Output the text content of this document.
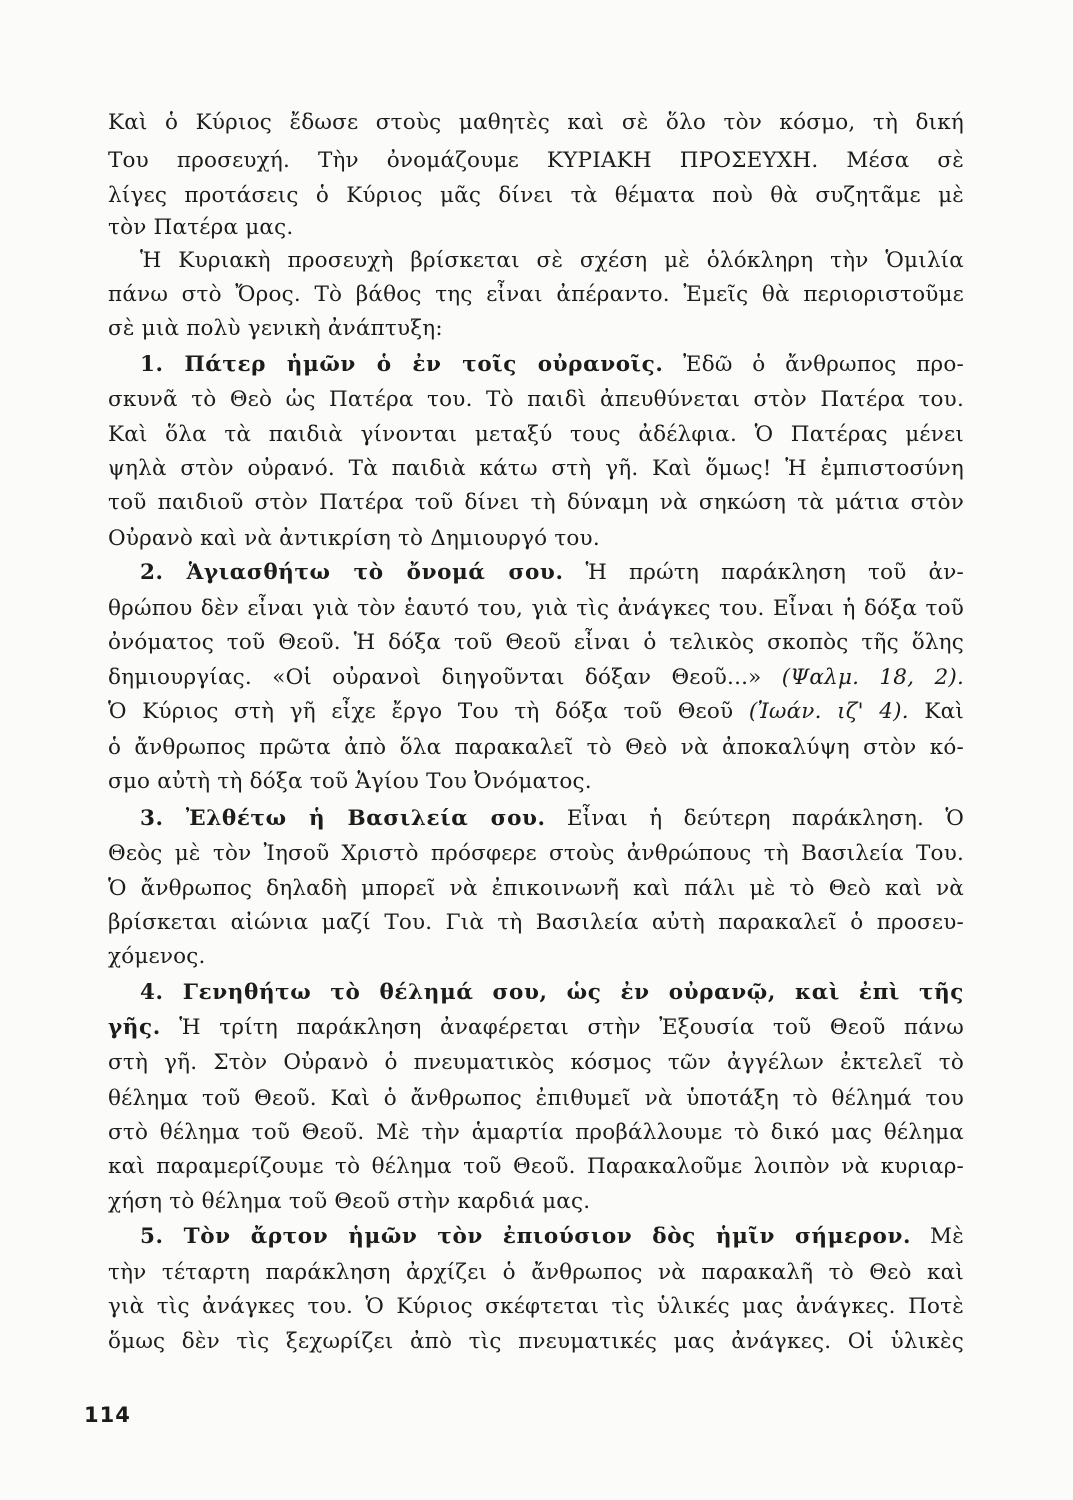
Καὶ ὁ Κύριος ἔδωσε στοὺς μαθητὲς καὶ σὲ ὅλο τὸν κόσμο, τὴ δική
Του προσευχή. Τὴν ὀνομάζουμε ΚΥΡΙΑΚΗ ΠΡΟΣΕΥΧΗ. Μέσα σὲ
λίγες προτάσεις ὁ Κύριος μᾶς δίνει τὰ θέματα ποὺ θὰ συζητᾶμε μὲ
τὸν Πατέρα μας.
Ἡ Κυριακὴ προσευχὴ βρίσκεται σὲ σχέση μὲ ὁλόκληρη τὴν Ὁμιλία
πάνω στὸ Ὄρος. Τὸ βάθος της εἶναι ἀπέραντο. Ἐμεῖς θὰ περιοριστοῦμε
σὲ μιὰ πολὺ γενικὴ ἀνάπτυξη:
1. Πάτερ ἡμῶν ὁ ἐν τοῖς οὐρανοῖς. Ἐδῶ ὁ ἄνθρωπος προ-
σκυνᾶ τὸ Θεὸ ὡς Πατέρα του. Τὸ παιδὶ ἀπευθύνεται στὸν Πατέρα του.
Καὶ ὅλα τὰ παιδιὰ γίνονται μεταξύ τους ἀδέλφια. Ὁ Πατέρας μένει
ψηλὰ στὸν οὐρανό. Τὰ παιδιὰ κάτω στὴ γῆ. Καὶ ὅμως! Ἡ ἐμπιστοσύνη
τοῦ παιδιοῦ στὸν Πατέρα τοῦ δίνει τὴ δύναμη νὰ σηκώση τὰ μάτια στὸν
Οὐρανὸ καὶ νὰ ἀντικρίση τὸ Δημιουργό του.
2. Ἁγιασθήτω τὸ ὄνομά σου. Ἡ πρώτη παράκληση τοῦ ἀν-
θρώπου δὲν εἶναι γιὰ τὸν ἑαυτό του, γιὰ τὶς ἀνάγκες του. Εἶναι ἡ δόξα τοῦ
ὀνόματος τοῦ Θεοῦ. Ἡ δόξα τοῦ Θεοῦ εἶναι ὁ τελικὸς σκοπὸς τῆς ὅλης
δημιουργίας. «Οἱ οὐρανοὶ διηγοῦνται δόξαν Θεοῦ...» (Ψαλμ. 18, 2).
Ὁ Κύριος στὴ γῆ εἶχε ἔργο Του τὴ δόξα τοῦ Θεοῦ (Ἰωάν. ιζ' 4). Καὶ
ὁ ἄνθρωπος πρῶτα ἀπὸ ὅλα παρακαλεῖ τὸ Θεὸ νὰ ἀποκαλύψη στὸν κό-
σμο αὐτὴ τὴ δόξα τοῦ Ἁγίου Του Ὀνόματος.
3. Ἐλθέτω ἡ Βασιλεία σου. Εἶναι ἡ δεύτερη παράκληση. Ὁ
Θεὸς μὲ τὸν Ἰησοῦ Χριστὸ πρόσφερε στοὺς ἀνθρώπους τὴ Βασιλεία Του.
Ὁ ἄνθρωπος δηλαδὴ μπορεῖ νὰ ἐπικοινωνῆ καὶ πάλι μὲ τὸ Θεὸ καὶ νὰ
βρίσκεται αἰώνια μαζί Του. Γιὰ τὴ Βασιλεία αὐτὴ παρακαλεῖ ὁ προσευ-
χόμενος.
4. Γενηθήτω τὸ θέλημά σου, ὡς ἐν οὐρανῷ, καὶ ἐπὶ τῆς
γῆς. Ἡ τρίτη παράκληση ἀναφέρεται στὴν Ἐξουσία τοῦ Θεοῦ πάνω
στὴ γῆ. Στὸν Οὐρανὸ ὁ πνευματικὸς κόσμος τῶν ἀγγέλων ἐκτελεῖ τὸ
θέλημα τοῦ Θεοῦ. Καὶ ὁ ἄνθρωπος ἐπιθυμεῖ νὰ ὑποτάξη τὸ θέλημά του
στὸ θέλημα τοῦ Θεοῦ. Μὲ τὴν ἁμαρτία προβάλλουμε τὸ δικό μας θέλημα
καὶ παραμερίζουμε τὸ θέλημα τοῦ Θεοῦ. Παρακαλοῦμε λοιπὸν νὰ κυριαρ-
χήση τὸ θέλημα τοῦ Θεοῦ στὴν καρδιά μας.
5. Τὸν ἄρτον ἡμῶν τὸν ἐπιούσιον δὸς ἡμῖν σήμερον. Μὲ
τὴν τέταρτη παράκληση ἀρχίζει ὁ ἄνθρωπος νὰ παρακαλῆ τὸ Θεὸ καὶ
γιὰ τὶς ἀνάγκες του. Ὁ Κύριος σκέφτεται τὶς ὑλικές μας ἀνάγκες. Ποτὲ
ὅμως δὲν τὶς ξεχωρίζει ἀπὸ τὶς πνευματικές μας ἀνάγκες. Οἱ ὑλικὲς
114
